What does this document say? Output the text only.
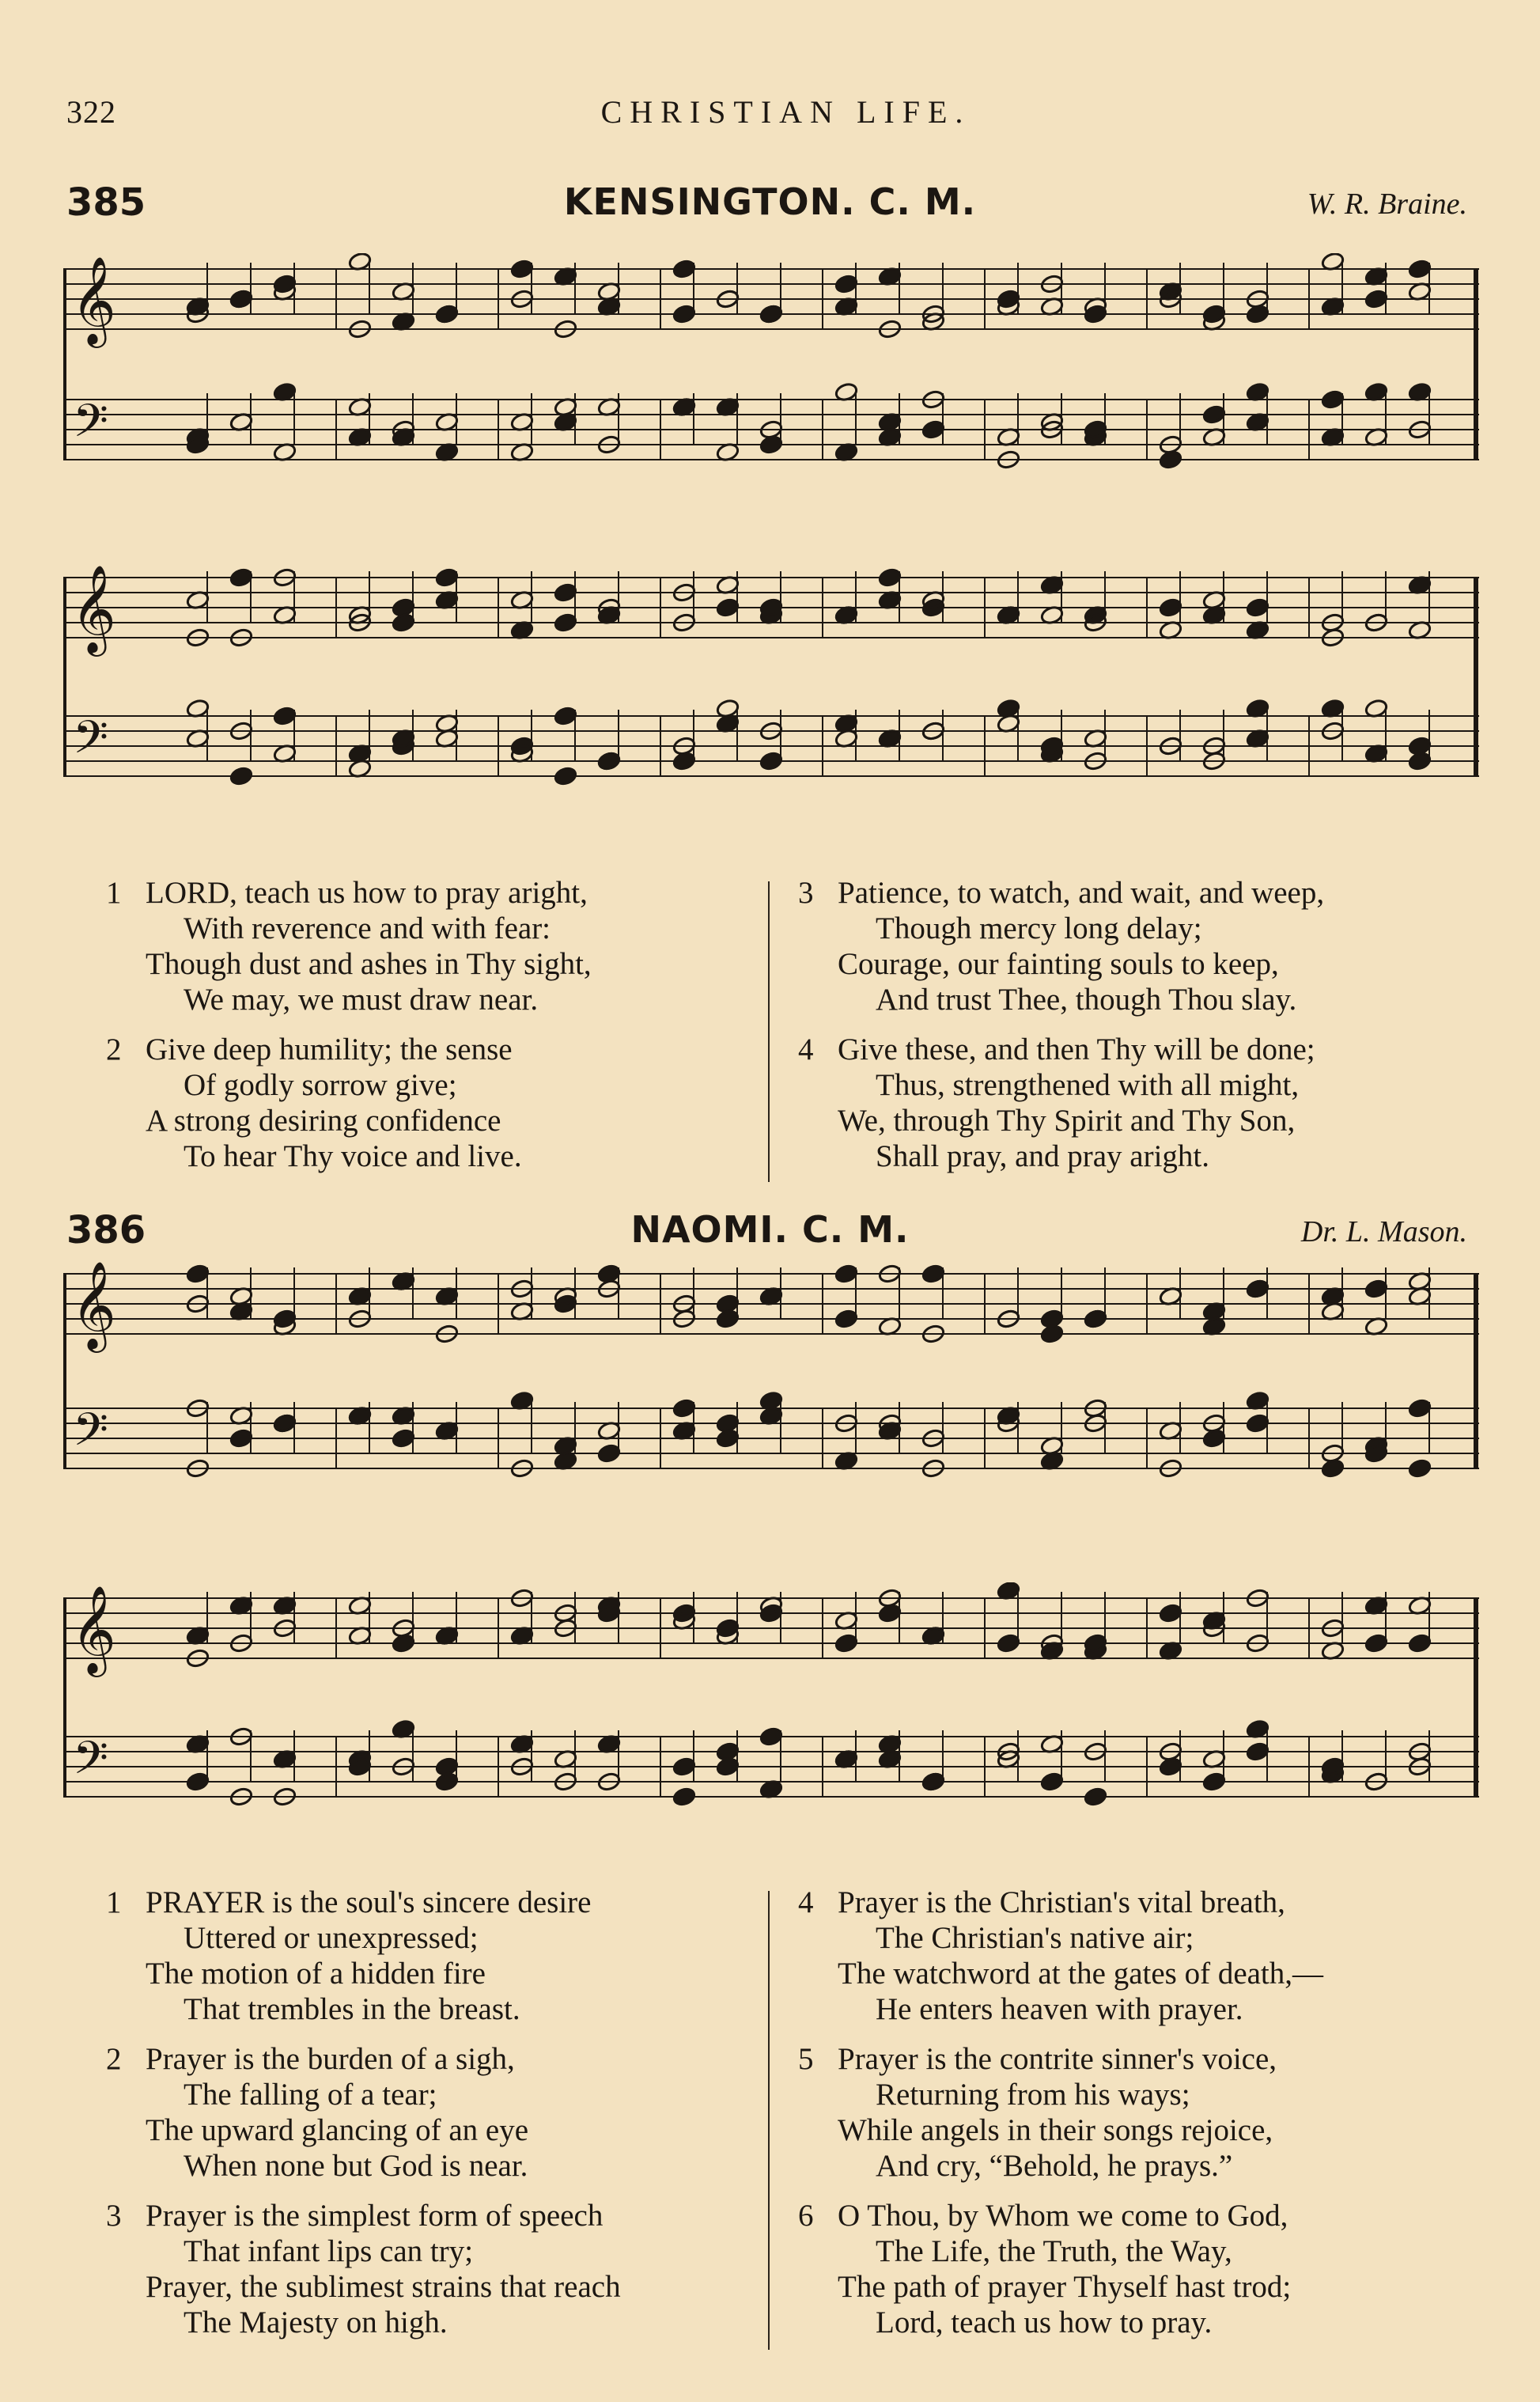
322	CHRISTIAN LIFE.
385	KENSINGTON. C. M.	W. R. Braine.
𝄞
𝄢
𝄞
𝄢
1 LORD, teach us how to pray aright,
With reverence and with fear:
Though dust and ashes in Thy sight,
We may, we must draw near.
2 Give deep humility; the sense
Of godly sorrow give;
A strong desiring confidence
To hear Thy voice and live.
3 Patience, to watch, and wait, and weep,
Though mercy long delay;
Courage, our fainting souls to keep,
And trust Thee, though Thou slay.
4 Give these, and then Thy will be done;
Thus, strengthened with all might,
We, through Thy Spirit and Thy Son,
Shall pray, and pray aright.
386	NAOMI. C. M.	Dr. L. Mason.
𝄞
𝄢
𝄞
𝄢
1 PRAYER is the soul's sincere desire
Uttered or unexpressed;
The motion of a hidden fire
That trembles in the breast.
2 Prayer is the burden of a sigh,
The falling of a tear;
The upward glancing of an eye
When none but God is near.
3 Prayer is the simplest form of speech
That infant lips can try;
Prayer, the sublimest strains that reach
The Majesty on high.
4 Prayer is the Christian's vital breath,
The Christian's native air;
The watchword at the gates of death,—
He enters heaven with prayer.
5 Prayer is the contrite sinner's voice,
Returning from his ways;
While angels in their songs rejoice,
And cry, “Behold, he prays.”
6 O Thou, by Whom we come to God,
The Life, the Truth, the Way,
The path of prayer Thyself hast trod;
Lord, teach us how to pray.
